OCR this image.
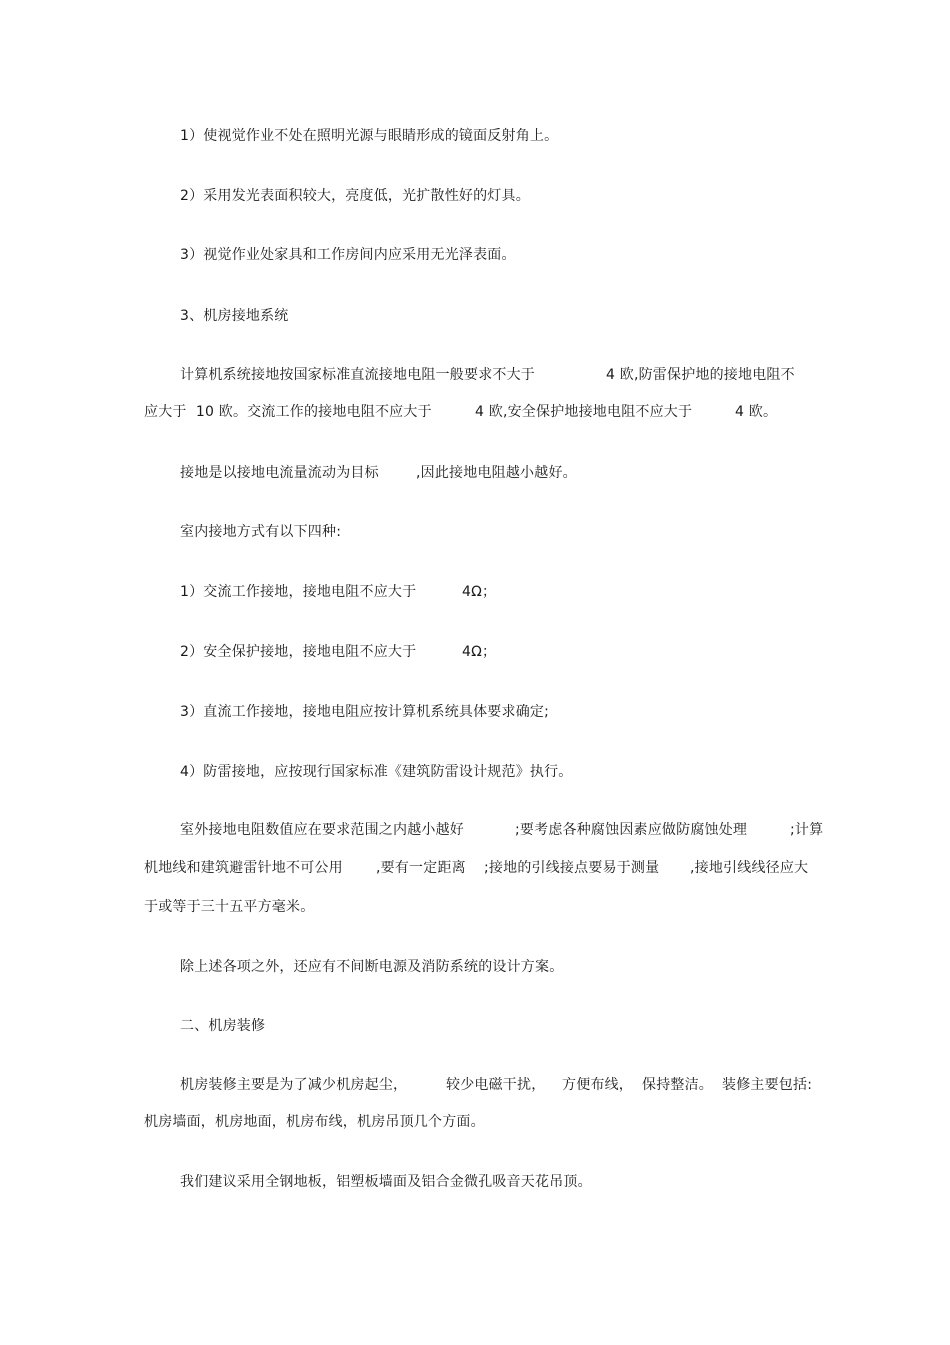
1）使视觉作业不处在照明光源与眼睛形成的镜面反射角上。
2）采用发光表面积较大，亮度低，光扩散性好的灯具。
3）视觉作业处家具和工作房间内应采用无光泽表面。
3、机房接地系统
计算机系统接地按国家标准直流接地电阻一般要求不大于	4 欧,防雷保护地的接地电阻不
应大于  10 欧。交流工作的接地电阻不应大于	4 欧,安全保护地接地电阻不应大于	4 欧。
接地是以接地电流量流动为目标	,因此接地电阻越小越好。
室内接地方式有以下四种:
1）交流工作接地，接地电阻不应大于	4Ω；
2）安全保护接地，接地电阻不应大于	4Ω；
3）直流工作接地，接地电阻应按计算机系统具体要求确定;
4）防雷接地，应按现行国家标准《建筑防雷设计规范》执行。
室外接地电阻数值应在要求范围之内越小越好	;要考虑各种腐蚀因素应做防腐蚀处理	;计算
机地线和建筑避雷针地不可公用 ,要有一定距离 ;接地的引线接点要易于测量 ,接地引线线径应大
于或等于三十五平方毫米。
除上述各项之外，还应有不间断电源及消防系统的设计方案。
二、机房装修
机房装修主要是为了减少机房起尘，	较少电磁干扰， 方便布线， 保持整洁。 装修主要包括:
机房墙面，机房地面，机房布线，机房吊顶几个方面。
我们建议采用全钢地板，铝塑板墙面及铝合金微孔吸音天花吊顶。
